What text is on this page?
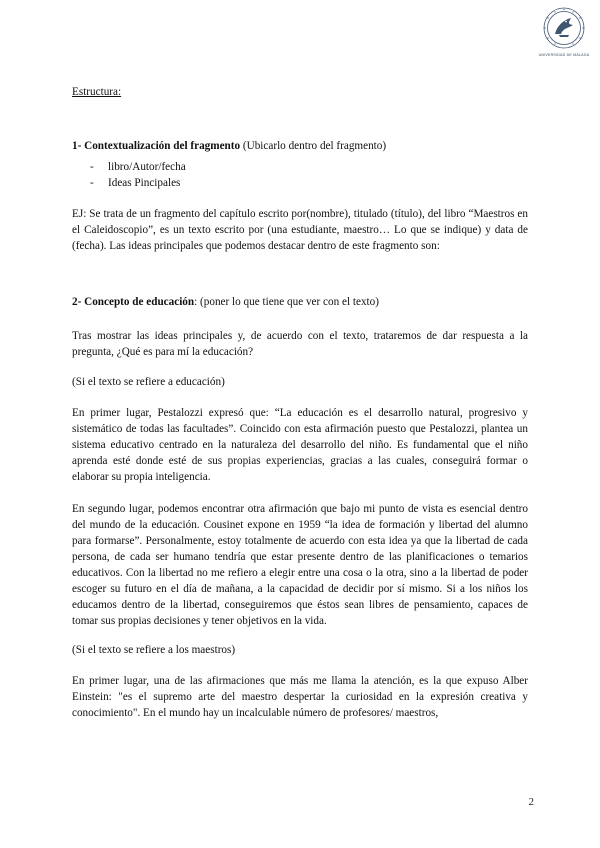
UNIVERSIDAD DE MÁLAGA

Estructura:

1- Contextualización del fragmento (Ubicarlo dentro del fragmento)

- libro/Autor/fecha
- Ideas Pincipales

EJ: Se trata de un fragmento del capítulo escrito por(nombre), titulado (título), del libro “Maestros en el Caleidoscopio”, es un texto escrito por (una estudiante, maestro… Lo que se indique) y data de (fecha). Las ideas principales que podemos destacar dentro de este fragmento son:

2- Concepto de educación: (poner lo que tiene que ver con el texto)

Tras mostrar las ideas principales y, de acuerdo con el texto, trataremos de dar respuesta a la pregunta, ¿Qué es para mí la educación?

(Si el texto se refiere a educación)

En primer lugar, Pestalozzi expresó que: “La educación es el desarrollo natural, progresivo y sistemático de todas las facultades”. Coincido con esta afirmación puesto que Pestalozzi, plantea un sistema educativo centrado en la naturaleza del desarrollo del niño. Es fundamental que el niño aprenda esté donde esté de sus propias experiencias, gracias a las cuales, conseguirá formar o elaborar su propia inteligencia.

En segundo lugar, podemos encontrar otra afirmación que bajo mi punto de vista es esencial dentro del mundo de la educación. Cousinet expone en 1959 “la idea de formación y libertad del alumno para formarse”. Personalmente, estoy totalmente de acuerdo con esta idea ya que la libertad de cada persona, de cada ser humano tendría que estar presente dentro de las planificaciones o temarios educativos. Con la libertad no me refiero a elegir entre una cosa o la otra, sino a la libertad de poder escoger su futuro en el día de mañana, a la capacidad de decidir por sí mismo. Si a los niños los educamos dentro de la libertad, conseguiremos que éstos sean libres de pensamiento, capaces de tomar sus propias decisiones y tener objetivos en la vida.

(Si el texto se refiere a los maestros)

En primer lugar, una de las afirmaciones que más me llama la atención, es la que expuso Alber Einstein: "es el supremo arte del maestro despertar la curiosidad en la expresión creativa y conocimiento". En el mundo hay un incalculable número de profesores/ maestros,

2
